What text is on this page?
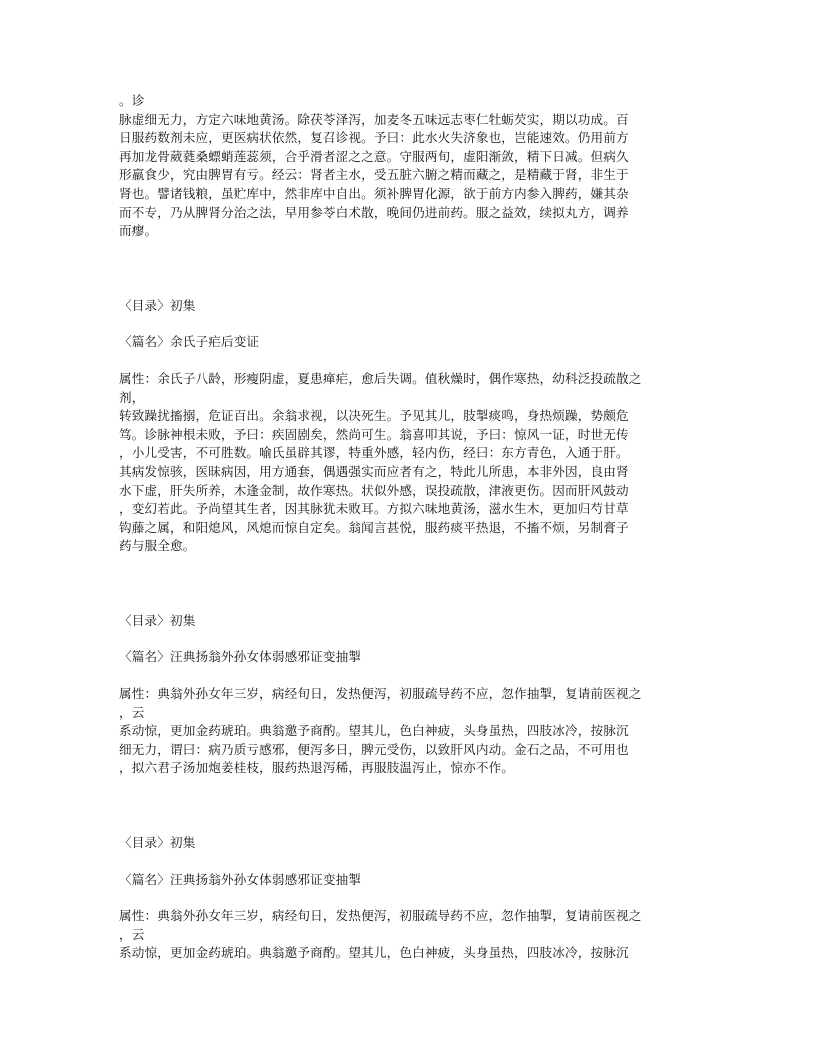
。诊
脉虚细无力，方定六味地黄汤。除茯苓泽泻，加麦冬五味远志枣仁牡蛎芡实，期以功成。百
日服药数剂未应，更医病状依然，复召诊视。予曰：此水火失济象也，岂能速效。仍用前方
再加龙骨葳蕤桑螵蛸莲蕊须，合乎滑者涩之之意。守服两旬，虚阳渐敛，精下日减。但病久
形羸食少，究由脾胃有亏。经云：肾者主水，受五脏六腑之精而藏之，是精藏于肾，非生于
肾也。譬诸钱粮，虽贮库中，然非库中自出。须补脾胃化源，欲于前方内参入脾药，嫌其杂
而不专，乃从脾肾分治之法，早用参苓白术散，晚间仍进前药。服之益效，续拟丸方，调养
而瘳。
〈目录〉初集
〈篇名〉余氏子疟后变证
属性：余氏子八龄，形瘦阴虚，夏患瘅疟，愈后失调。值秋燥时，偶作寒热，幼科泛投疏散之
剂，
转致躁扰搐搦，危证百出。余翁求视，以决死生。予见其儿，肢掣痰鸣，身热烦躁，势颇危
笃。诊脉神根未败，予曰：疾固剧矣，然尚可生。翁喜叩其说，予曰：惊风一证，时世无传
，小儿受害，不可胜数。喻氏虽辟其谬，特重外感，轻内伤，经曰：东方青色，入通于肝。
其病发惊骇，医昧病因，用方通套，偶遇强实而应者有之，特此儿所患，本非外因，良由肾
水下虚，肝失所养，木逢金制，故作寒热。状似外感，误投疏散，津液更伤。因而肝风鼓动
，变幻若此。予尚望其生者，因其脉犹未败耳。方拟六味地黄汤，滋水生木，更加归芍甘草
钩藤之属，和阳熄风，风熄而惊自定矣。翁闻言甚悦，服药痰平热退，不搐不烦，另制膏子
药与服全愈。
〈目录〉初集
〈篇名〉汪典扬翁外孙女体弱感邪证变抽掣
属性：典翁外孙女年三岁，病经旬日，发热便泻，初服疏导药不应，忽作抽掣，复请前医视之
，云
系动惊，更加金药琥珀。典翁邀予商酌。望其儿，色白神疲，头身虽热，四肢冰冷，按脉沉
细无力，谓曰：病乃质亏感邪，便泻多日，脾元受伤，以致肝风内动。金石之品，不可用也
，拟六君子汤加炮姜桂枝，服药热退泻稀，再服肢温泻止，惊亦不作。
〈目录〉初集
〈篇名〉汪典扬翁外孙女体弱感邪证变抽掣
属性：典翁外孙女年三岁，病经旬日，发热便泻，初服疏导药不应，忽作抽掣，复请前医视之
，云
系动惊，更加金药琥珀。典翁邀予商酌。望其儿，色白神疲，头身虽热，四肢冰冷，按脉沉
